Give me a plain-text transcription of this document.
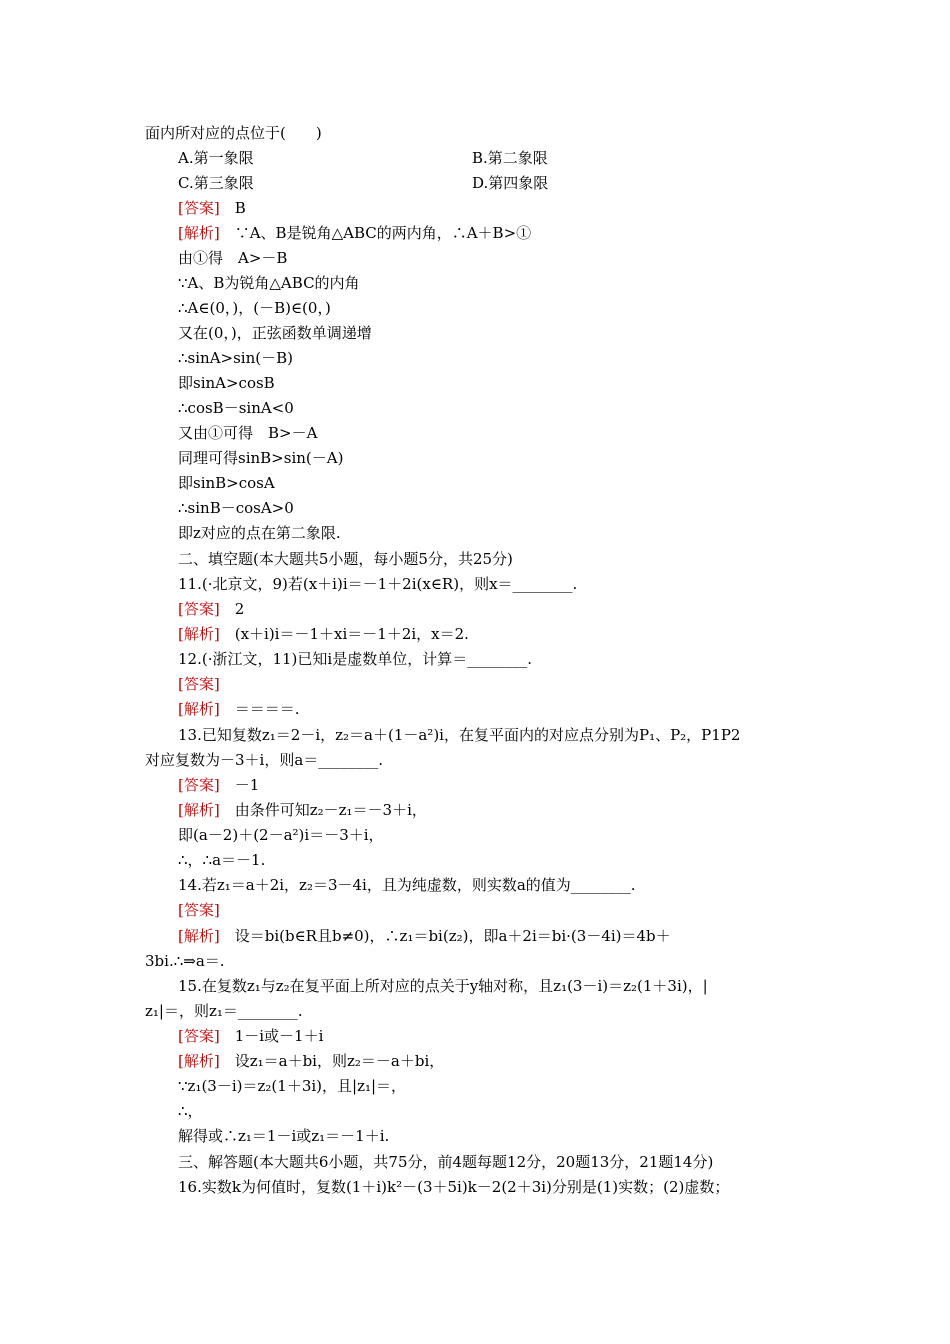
面内所对应的点位于(　　)
A.第一象限	B.第二象限
C.第三象限	D.第四象限
[答案]　B
[解析]　∵A、B是锐角△ABC的两内角，∴A＋B>①
由①得　A>－B
∵A、B为锐角△ABC的内角
∴A∈(0，)，(－B)∈(0，)
又在(0，)，正弦函数单调递增
∴sinA>sin(－B)
即sinA>cosB
∴cosB－sinA<0
又由①可得　B>－A
同理可得sinB>sin(－A)
即sinB>cosA
∴sinB－cosA>0
即z对应的点在第二象限.
二、填空题(本大题共5小题，每小题5分，共25分)
11.(·北京文，9)若(x＋i)i＝－1＋2i(x∈R)，则x＝________.
[答案]　2
[解析]　(x＋i)i＝－1＋xi＝－1＋2i，x＝2.
12.(·浙江文，11)已知i是虚数单位，计算＝________.
[答案]
[解析]　＝＝＝＝.
13.已知复数z₁＝2－i，z₂＝a＋(1－a²)i，在复平面内的对应点分别为P₁、P₂，P1P2
对应复数为－3＋i，则a＝________.
[答案]　－1
[解析]　由条件可知z₂－z₁＝－3＋i，
即(a－2)＋(2－a²)i＝－3＋i，
∴，∴a＝－1.
14.若z₁＝a＋2i，z₂＝3－4i，且为纯虚数，则实数a的值为________.
[答案]
[解析]　设＝bi(b∈R且b≠0)，∴z₁＝bi(z₂)，即a＋2i＝bi·(3－4i)＝4b＋
3bi.∴⇒a＝.
15.在复数z₁与z₂在复平面上所对应的点关于y轴对称，且z₁(3－i)＝z₂(1＋3i)，|
z₁|＝，则z₁＝________.
[答案]　1－i或－1＋i
[解析]　设z₁＝a＋bi，则z₂＝－a＋bi，
∵z₁(3－i)＝z₂(1＋3i)，且|z₁|＝，
∴，
解得或∴z₁＝1－i或z₁＝－1＋i.
三、解答题(本大题共6小题，共75分，前4题每题12分，20题13分，21题14分)
16.实数k为何值时，复数(1＋i)k²－(3＋5i)k－2(2＋3i)分别是(1)实数；(2)虚数；
